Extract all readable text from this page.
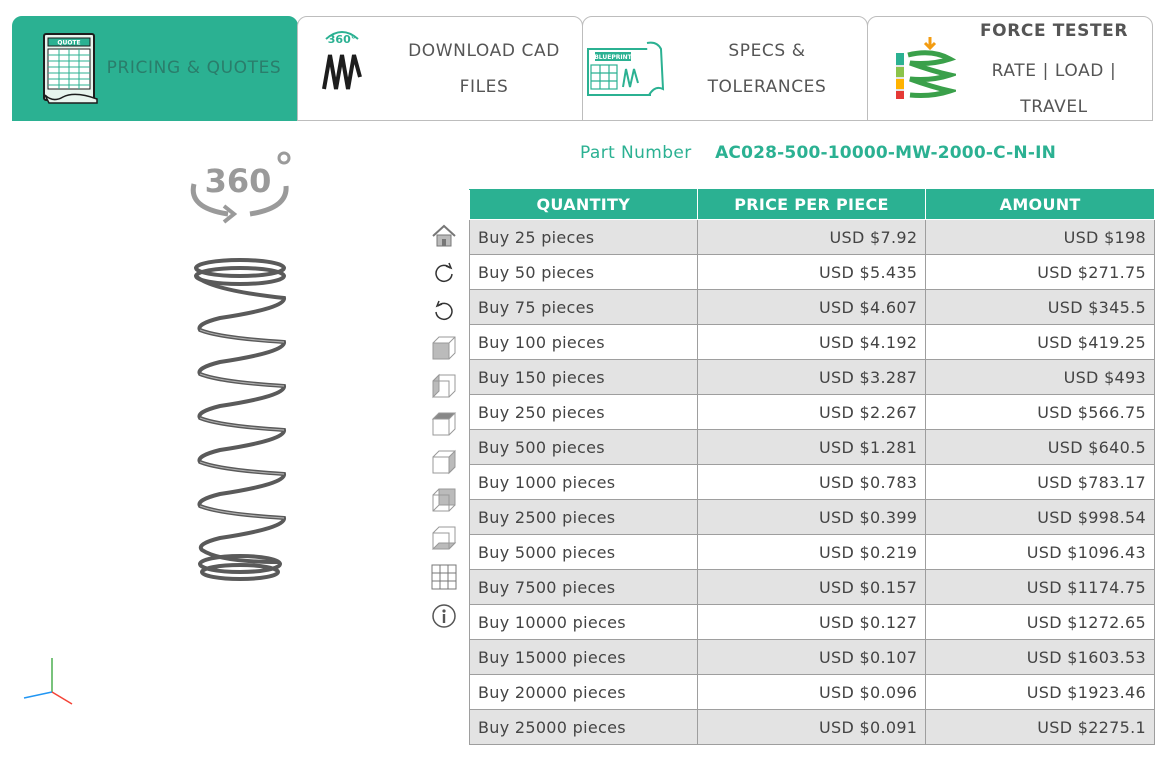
QUOTE
PRICING & QUOTES
360°
DOWNLOAD CAD
FILES
BLUEPRINT	SPECS &
TOLERANCES
FORCE TESTER
RATE | LOAD |
TRAVEL
Part Number AC028-500-10000-MW-2000-C-N-IN
360
QUANTITY	PRICE PER PIECE	AMOUNT
Buy 25 pieces	USD $7.92	USD $198
Buy 50 pieces	USD $5.435	USD $271.75
Buy 75 pieces	USD $4.607	USD $345.5
Buy 100 pieces	USD $4.192	USD $419.25
Buy 150 pieces	USD $3.287	USD $493
Buy 250 pieces	USD $2.267	USD $566.75
Buy 500 pieces	USD $1.281	USD $640.5
Buy 1000 pieces	USD $0.783	USD $783.17
Buy 2500 pieces	USD $0.399	USD $998.54
Buy 5000 pieces	USD $0.219	USD $1096.43
Buy 7500 pieces	USD $0.157	USD $1174.75
Buy 10000 pieces	USD $0.127	USD $1272.65
Buy 15000 pieces	USD $0.107	USD $1603.53
Buy 20000 pieces	USD $0.096	USD $1923.46
Buy 25000 pieces	USD $0.091	USD $2275.1
